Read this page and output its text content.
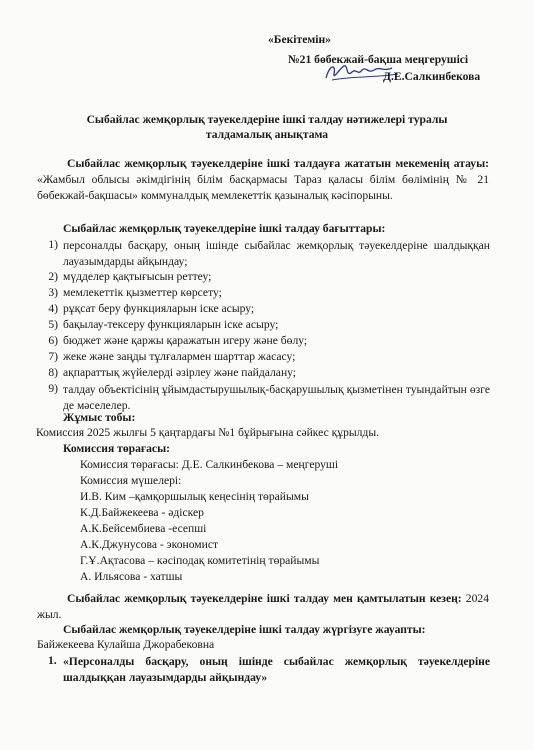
«Бекітемін»
№21 бөбекжай-бақша меңгерушісі
Д.Е.Салкинбекова
Сыбайлас жемқорлық тәуекелдеріне ішкі талдау нәтижелері туралы
талдамалық анықтама
Сыбайлас жемқорлық тәуекелдеріне ішкі талдауға жататын мекеменің атауы: «Жамбыл облысы әкімдігінің білім басқармасы Тараз қаласы білім бөлімінің № 21 бөбекжай-бақшасы» коммуналдық мемлекеттік қазыналық кәсіпорыны.
Сыбайлас жемқорлық тәуекелдеріне ішкі талдау бағыттары:
1) персоналды басқару, оның ішінде сыбайлас жемқорлық тәуекелдеріне шалдыққан лауазымдарды айқындау;
2) мүдделер қақтығысын реттеу;
3) мемлекеттік қызметтер көрсету;
4) рұқсат беру функцияларын іске асыру;
5) бақылау-тексеру функцияларын іске асыру;
6) бюджет және қаржы қаражатын игеру және бөлу;
7) жеке және заңды тұлғалармен шарттар жасасу;
8) ақпараттық жүйелерді әзірлеу және пайдалану;
9) талдау объектісінің ұйымдастырушылық-басқарушылық қызметінен туындайтын өзге де мәселелер.
Жұмыс тобы:
Комиссия 2025 жылғы 5 қаңтардағы №1 бұйрығына сәйкес құрылды.
Комиссия төрағасы:
Комиссия төрағасы: Д.Е. Салкинбекова – меңгеруші
Комиссия мүшелері:
И.В. Ким –қамқоршылық кеңесінің төрайымы
К.Д.Байжекеева - әдіскер
А.К.Бейсембиева -есепші
А.К.Джунусова - экономист
Г.Ұ.Ақтасова – кәсіподақ комитетінің төрайымы
А. Ильясова - хатшы
Сыбайлас жемқорлық тәуекелдеріне ішкі талдау мен қамтылатын кезең: 2024 жыл.
Сыбайлас жемқорлық тәуекелдеріне ішкі талдау жүргізуге жауапты:
Байжекеева Кулайша Джорабековна
1. «Персоналды басқару, оның ішінде сыбайлас жемқорлық тәуекелдеріне шалдыққан лауазымдарды айқындау»
